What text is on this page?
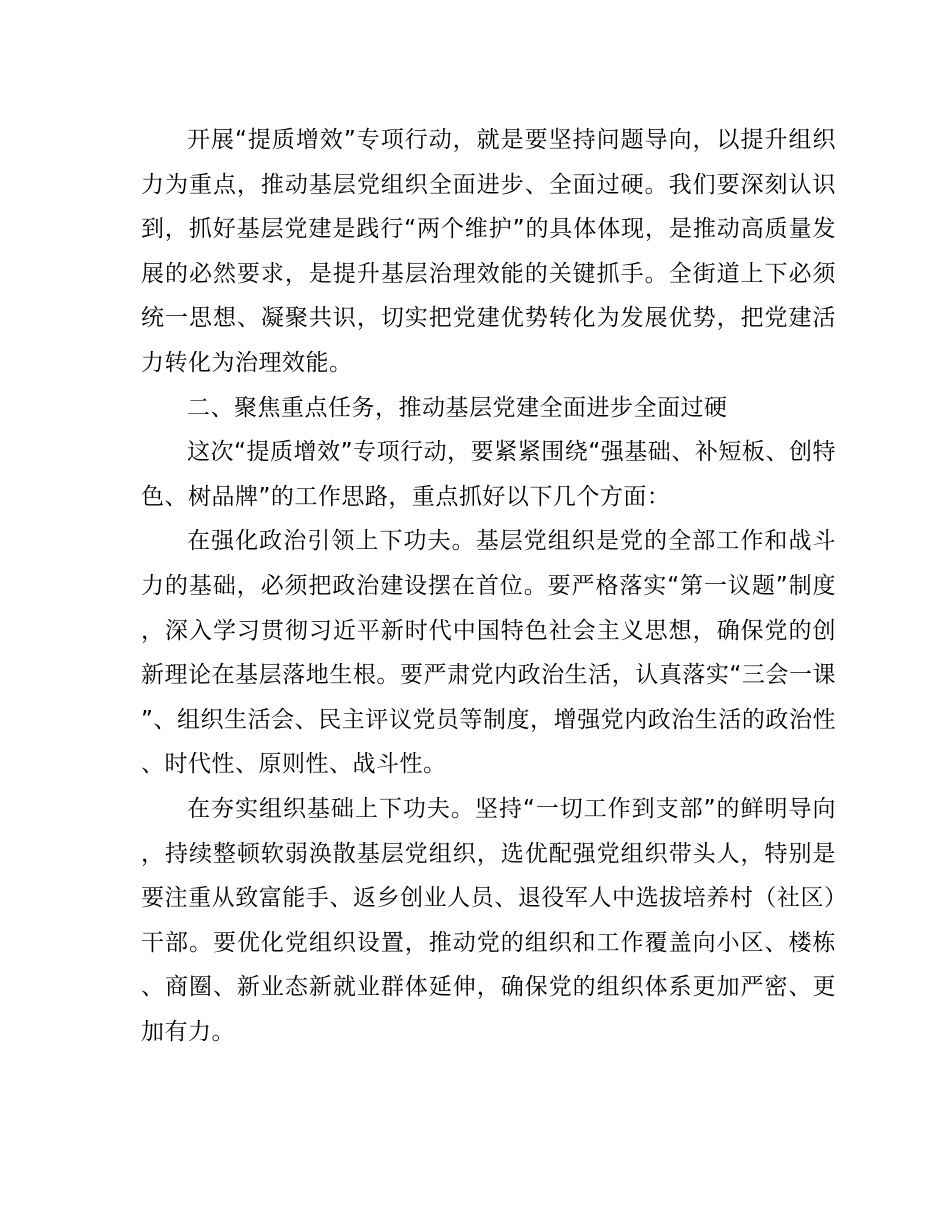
开展“提质增效”专项行动，就是要坚持问题导向，以提升组织力为重点，推动基层党组织全面进步、全面过硬。我们要深刻认识到，抓好基层党建是践行“两个维护”的具体体现，是推动高质量发展的必然要求，是提升基层治理效能的关键抓手。全街道上下必须统一思想、凝聚共识，切实把党建优势转化为发展优势，把党建活力转化为治理效能。

二、聚焦重点任务，推动基层党建全面进步全面过硬

这次“提质增效”专项行动，要紧紧围绕“强基础、补短板、创特色、树品牌”的工作思路，重点抓好以下几个方面：

在强化政治引领上下功夫。基层党组织是党的全部工作和战斗力的基础，必须把政治建设摆在首位。要严格落实“第一议题”制度，深入学习贯彻习近平新时代中国特色社会主义思想，确保党的创新理论在基层落地生根。要严肃党内政治生活，认真落实“三会一课”、组织生活会、民主评议党员等制度，增强党内政治生活的政治性、时代性、原则性、战斗性。

在夯实组织基础上下功夫。坚持“一切工作到支部”的鲜明导向，持续整顿软弱涣散基层党组织，选优配强党组织带头人，特别是要注重从致富能手、返乡创业人员、退役军人中选拔培养村（社区）干部。要优化党组织设置，推动党的组织和工作覆盖向小区、楼栋、商圈、新业态新就业群体延伸，确保党的组织体系更加严密、更加有力。
